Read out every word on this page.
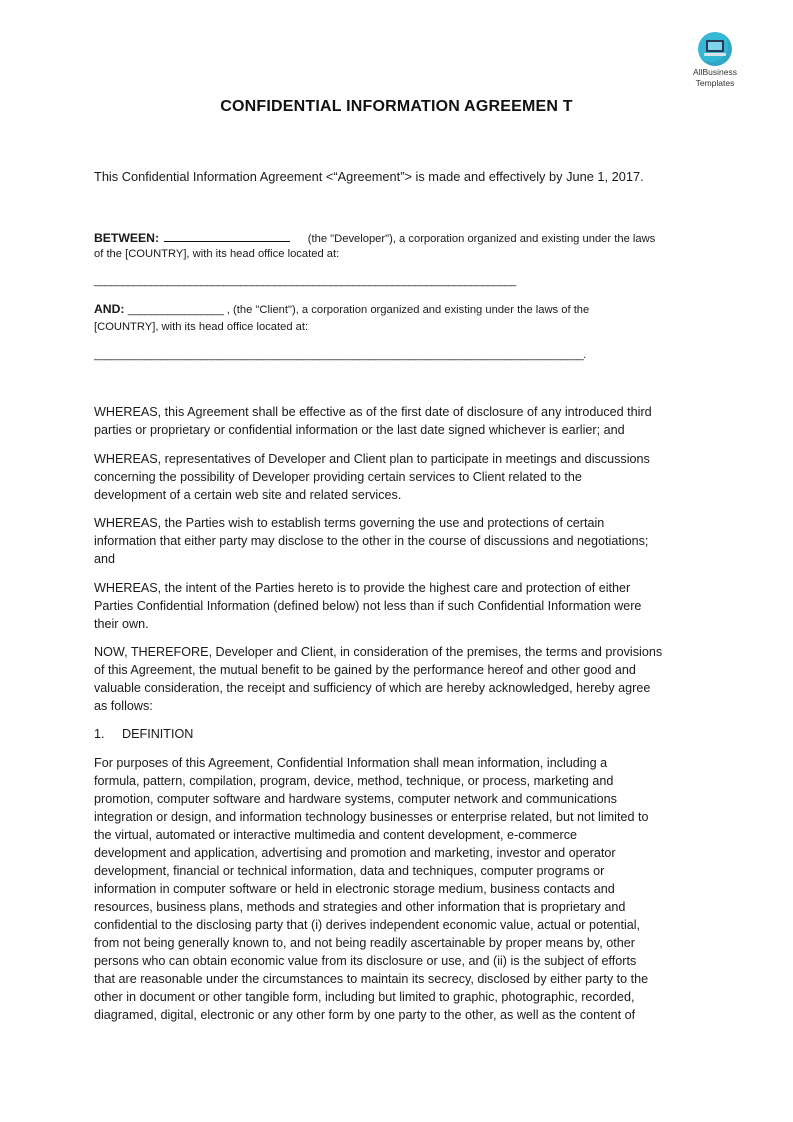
AllBusiness
Templates
CONFIDENTIAL INFORMATION AGREEMEN T
This Confidential Information Agreement <“Agreement”> is made and effectively by June 1, 2017.
BETWEEN:	(the "Developer"), a corporation organized and existing under the laws
of the [COUNTRY], with its head office located at:
___________________________________________________________________________
AND: _________________ , (the "Client"), a corporation organized and existing under the laws of the
[COUNTRY], with its head office located at:
_______________________________________________________________________________________.
WHEREAS, this Agreement shall be effective as of the first date of disclosure of any introduced third
parties or proprietary or confidential information or the last date signed whichever is earlier; and
WHEREAS, representatives of Developer and Client plan to participate in meetings and discussions
concerning the possibility of Developer providing certain services to Client related to the
development of a certain web site and related services.
WHEREAS, the Parties wish to establish terms governing the use and protections of certain
information that either party may disclose to the other in the course of discussions and negotiations;
and
WHEREAS, the intent of the Parties hereto is to provide the highest care and protection of either
Parties Confidential Information (defined below) not less than if such Confidential Information were
their own.
NOW, THEREFORE, Developer and Client, in consideration of the premises, the terms and provisions
of this Agreement, the mutual benefit to be gained by the performance hereof and other good and
valuable consideration, the receipt and sufficiency of which are hereby acknowledged, hereby agree
as follows:
1. DEFINITION
For purposes of this Agreement, Confidential Information shall mean information, including a
formula, pattern, compilation, program, device, method, technique, or process, marketing and
promotion, computer software and hardware systems, computer network and communications
integration or design, and information technology businesses or enterprise related, but not limited to
the virtual, automated or interactive multimedia and content development, e-commerce
development and application, advertising and promotion and marketing, investor and operator
development, financial or technical information, data and techniques, computer programs or
information in computer software or held in electronic storage medium, business contacts and
resources, business plans, methods and strategies and other information that is proprietary and
confidential to the disclosing party that (i) derives independent economic value, actual or potential,
from not being generally known to, and not being readily ascertainable by proper means by, other
persons who can obtain economic value from its disclosure or use, and (ii) is the subject of efforts
that are reasonable under the circumstances to maintain its secrecy, disclosed by either party to the
other in document or other tangible form, including but limited to graphic, photographic, recorded,
diagramed, digital, electronic or any other form by one party to the other, as well as the content of
